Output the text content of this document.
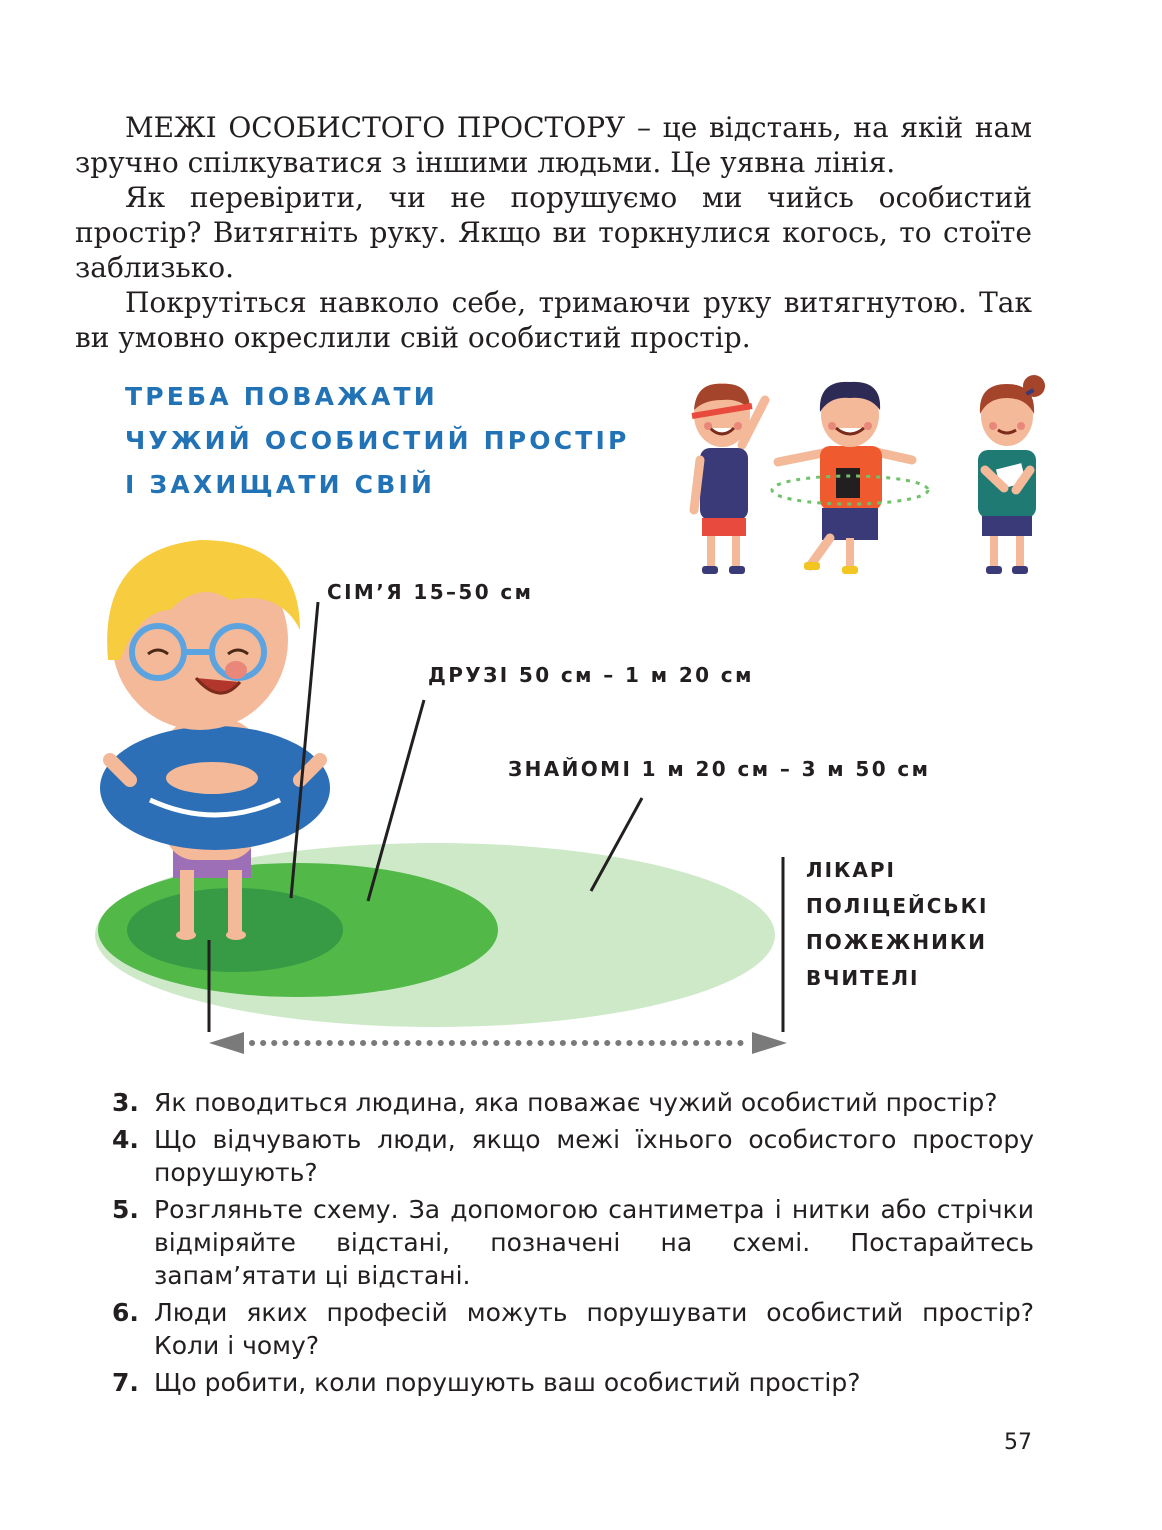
МЕЖІ ОСОБИСТОГО ПРОСТОРУ – це відстань, на якій нам зручно спілкуватися з іншими людьми. Це уявна лінія.

Як перевірити, чи не порушуємо ми чийсь особистий простір? Витягніть руку. Якщо ви торкнулися когось, то стоїте заблизько.

Покрутіться навколо себе, тримаючи руку витягнутою. Так ви умовно окреслили свій особистий простір.

ТРЕБА ПОВАЖАТИ
ЧУЖИЙ ОСОБИСТИЙ ПРОСТІР
І ЗАХИЩАТИ СВІЙ
СІМ’Я 15–50 см
ДРУЗІ 50 см – 1 м 20 см
ЗНАЙОМІ 1 м 20 см – 3 м 50 см
ЛІКАРІ
ПОЛІЦЕЙСЬКІ
ПОЖЕЖНИКИ
ВЧИТЕЛІ
3. Як поводиться людина, яка поважає чужий особистий простір?
4. Що відчувають люди, якщо межі їхнього особистого простору порушують?
5. Розгляньте схему. За допомогою сантиметра і нитки або стрічки відміряйте відстані, позначені на схемі. Постарайтесь запам’ятати ці відстані.
6. Люди яких професій можуть порушувати особистий простір? Коли і чому?
7. Що робити, коли порушують ваш особистий простір?
57
